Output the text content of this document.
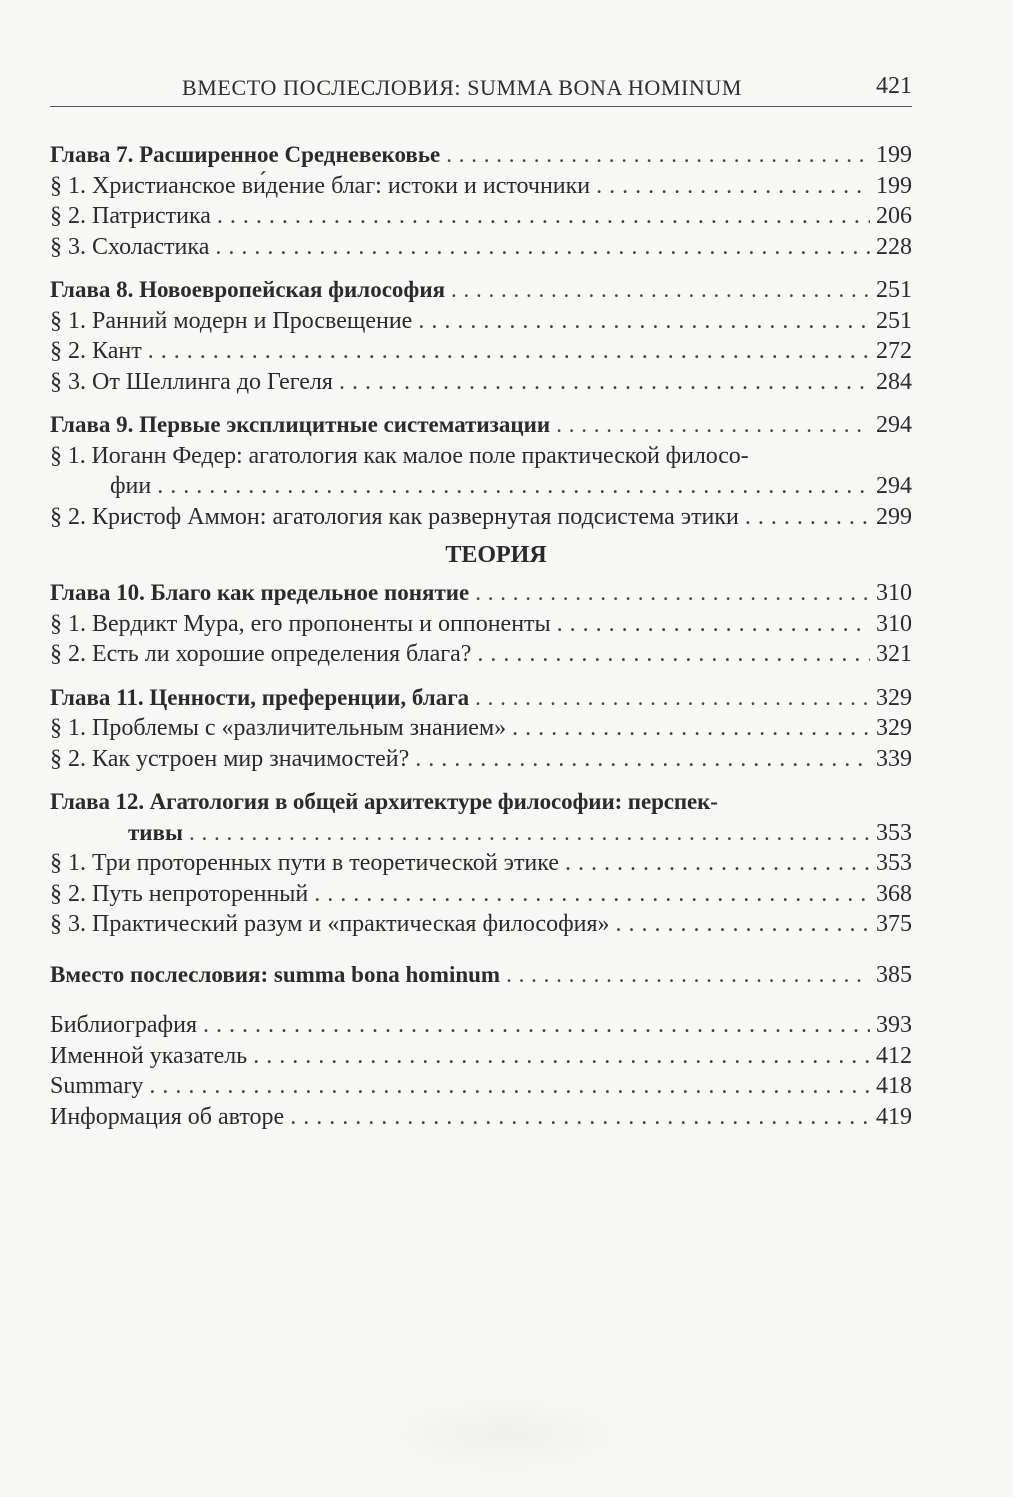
ВМЕСТО ПОСЛЕСЛОВИЯ: SUMMA BONA HOMINUM	421
Глава 7. Расширенное Средневековье . . .	199
§ 1. Христианское ви́дение благ: истоки и источники . . .	199
§ 2. Патристика . . .	206
§ 3. Схоластика . . .	228
Глава 8. Новоевропейская философия . . .	251
§ 1. Ранний модерн и Просвещение . . .	251
§ 2. Кант . . .	272
§ 3. От Шеллинга до Гегеля . . .	284
Глава 9. Первые эксплицитные систематизации . . .	294
§ 1. Иоганн Федер: агатология как малое поле практической филосо-
фии . . .	294
§ 2. Кристоф Аммон: агатология как развернутая подсистема этики . . .	299
ТЕОРИЯ
Глава 10. Благо как предельное понятие . . .	310
§ 1. Вердикт Мура, его пропоненты и оппоненты . . .	310
§ 2. Есть ли хорошие определения блага? . . .	321
Глава 11. Ценности, преференции, блага . . .	329
§ 1. Проблемы с «различительным знанием» . . .	329
§ 2. Как устроен мир значимостей? . . .	339
Глава 12. Агатология в общей архитектуре философии: перспек-
тивы . . .	353
§ 1. Три проторенных пути в теоретической этике . . .	353
§ 2. Путь непроторенный . . .	368
§ 3. Практический разум и «практическая философия» . . .	375
Вместо послесловия: summa bona hominum . . .	385
Библиография . . .	393
Именной указатель . . .	412
Summary . . .	418
Информация об авторе . . .	419
